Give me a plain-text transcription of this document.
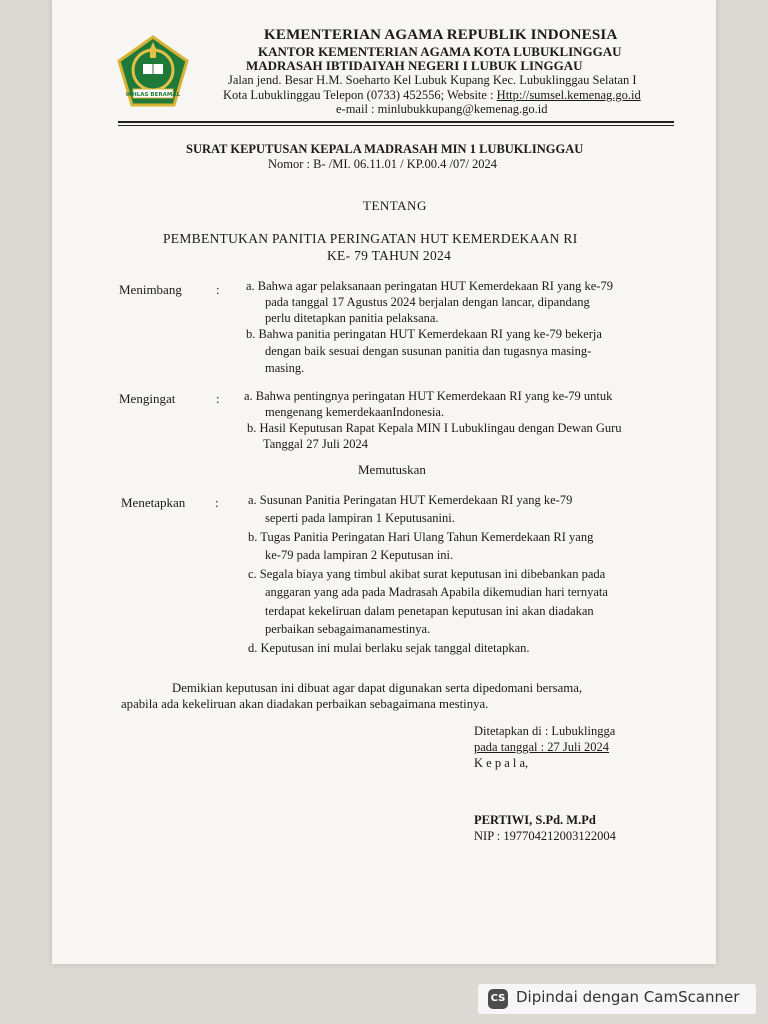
IKHLAS BERAMAL
KEMENTERIAN AGAMA REPUBLIK INDONESIA
KANTOR KEMENTERIAN AGAMA KOTA LUBUKLINGGAU
MADRASAH IBTIDAIYAH NEGERI I LUBUK LINGGAU
Jalan jend. Besar H.M. Soeharto Kel Lubuk Kupang Kec. Lubuklinggau Selatan I
Kota Lubuklinggau Telepon (0733) 452556; Website : Http://sumsel.kemenag.go.id
e-mail : minlubukkupang@kemenag.go.id
SURAT KEPUTUSAN KEPALA MADRASAH MIN 1 LUBUKLINGGAU
Nomor : B- /MI. 06.11.01 / KP.00.4 /07/ 2024
TENTANG
PEMBENTUKAN PANITIA PERINGATAN HUT KEMERDEKAAN RI
KE- 79 TAHUN 2024
Menimbang	: a. Bahwa agar pelaksanaan peringatan HUT Kemerdekaan RI yang ke-79
pada tanggal 17 Agustus 2024 berjalan dengan lancar, dipandang
perlu ditetapkan panitia pelaksana.
b. Bahwa panitia peringatan HUT Kemerdekaan RI yang ke-79 bekerja
dengan baik sesuai dengan susunan panitia dan tugasnya masing-
masing.
Mengingat	: a. Bahwa pentingnya peringatan HUT Kemerdekaan RI yang ke-79 untuk
mengenang kemerdekaanIndonesia.
b. Hasil Keputusan Rapat Kepala MIN I Lubuklingau dengan Dewan Guru
Tanggal 27 Juli 2024
Memutuskan
Menetapkan : a. Susunan Panitia Peringatan HUT Kemerdekaan RI yang ke-79
seperti pada lampiran 1 Keputusanini.
b. Tugas Panitia Peringatan Hari Ulang Tahun Kemerdekaan RI yang
ke-79 pada lampiran 2 Keputusan ini.
c. Segala biaya yang timbul akibat surat keputusan ini dibebankan pada
anggaran yang ada pada Madrasah Apabila dikemudian hari ternyata
terdapat kekeliruan dalam penetapan keputusan ini akan diadakan
perbaikan sebagaimanamestinya.
d. Keputusan ini mulai berlaku sejak tanggal ditetapkan.
Demikian keputusan ini dibuat agar dapat digunakan serta dipedomani bersama,
apabila ada kekeliruan akan diadakan perbaikan sebagaimana mestinya.
Ditetapkan di : Lubuklingga
pada tanggal : 27 Juli 2024
K e p a l a,
PERTIWI, S.Pd. M.Pd
NIP : 197704212003122004
CS Dipindai dengan CamScanner
